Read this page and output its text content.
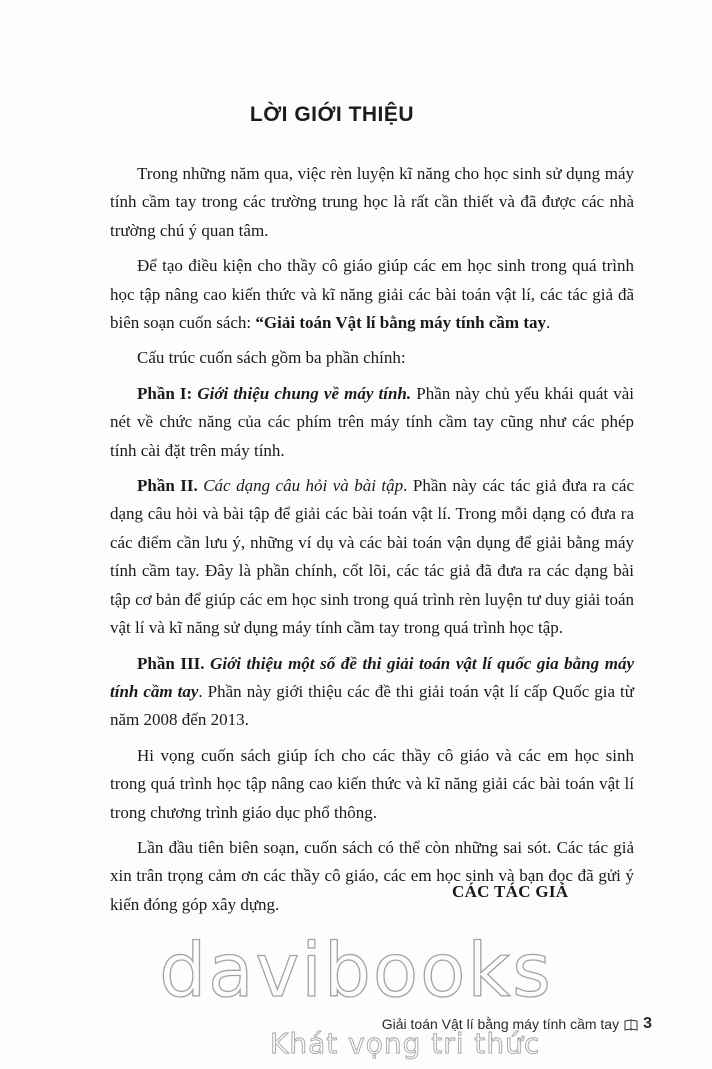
LỜI GIỚI THIỆU

Trong những năm qua, việc rèn luyện kĩ năng cho học sinh sử dụng máy tính cầm tay trong các trường trung học là rất cần thiết và đã được các nhà trường chú ý quan tâm.

Để tạo điều kiện cho thầy cô giáo giúp các em học sinh trong quá trình học tập nâng cao kiến thức và kĩ năng giải các bài toán vật lí, các tác giả đã biên soạn cuốn sách: “Giải toán Vật lí bằng máy tính cầm tay.

Cấu trúc cuốn sách gồm ba phần chính:

Phần I: Giới thiệu chung về máy tính. Phần này chủ yếu khái quát vài nét về chức năng của các phím trên máy tính cầm tay cũng như các phép tính cài đặt trên máy tính.

Phần II. Các dạng câu hỏi và bài tập. Phần này các tác giả đưa ra các dạng câu hỏi và bài tập để giải các bài toán vật lí. Trong mỗi dạng có đưa ra các điểm cần lưu ý, những ví dụ và các bài toán vận dụng để giải bằng máy tính cầm tay. Đây là phần chính, cốt lõi, các tác giả đã đưa ra các dạng bài tập cơ bản để giúp các em học sinh trong quá trình rèn luyện tư duy giải toán vật lí và kĩ năng sử dụng máy tính cầm tay trong quá trình học tập.

Phần III. Giới thiệu một số đề thi giải toán vật lí quốc gia bằng máy tính cầm tay. Phần này giới thiệu các đề thi giải toán vật lí cấp Quốc gia từ năm 2008 đến 2013.

Hi vọng cuốn sách giúp ích cho các thầy cô giáo và các em học sinh trong quá trình học tập nâng cao kiến thức và kĩ năng giải các bài toán vật lí trong chương trình giáo dục phổ thông.

Lần đầu tiên biên soạn, cuốn sách có thể còn những sai sót. Các tác giả xin trân trọng cảm ơn các thầy cô giáo, các em học sinh và bạn đọc đã gửi ý kiến đóng góp xây dựng.

CÁC TÁC GIẢ
davibooks
Khát vọng tri thức
Giải toán Vật lí bằng máy tính cầm tay 3
